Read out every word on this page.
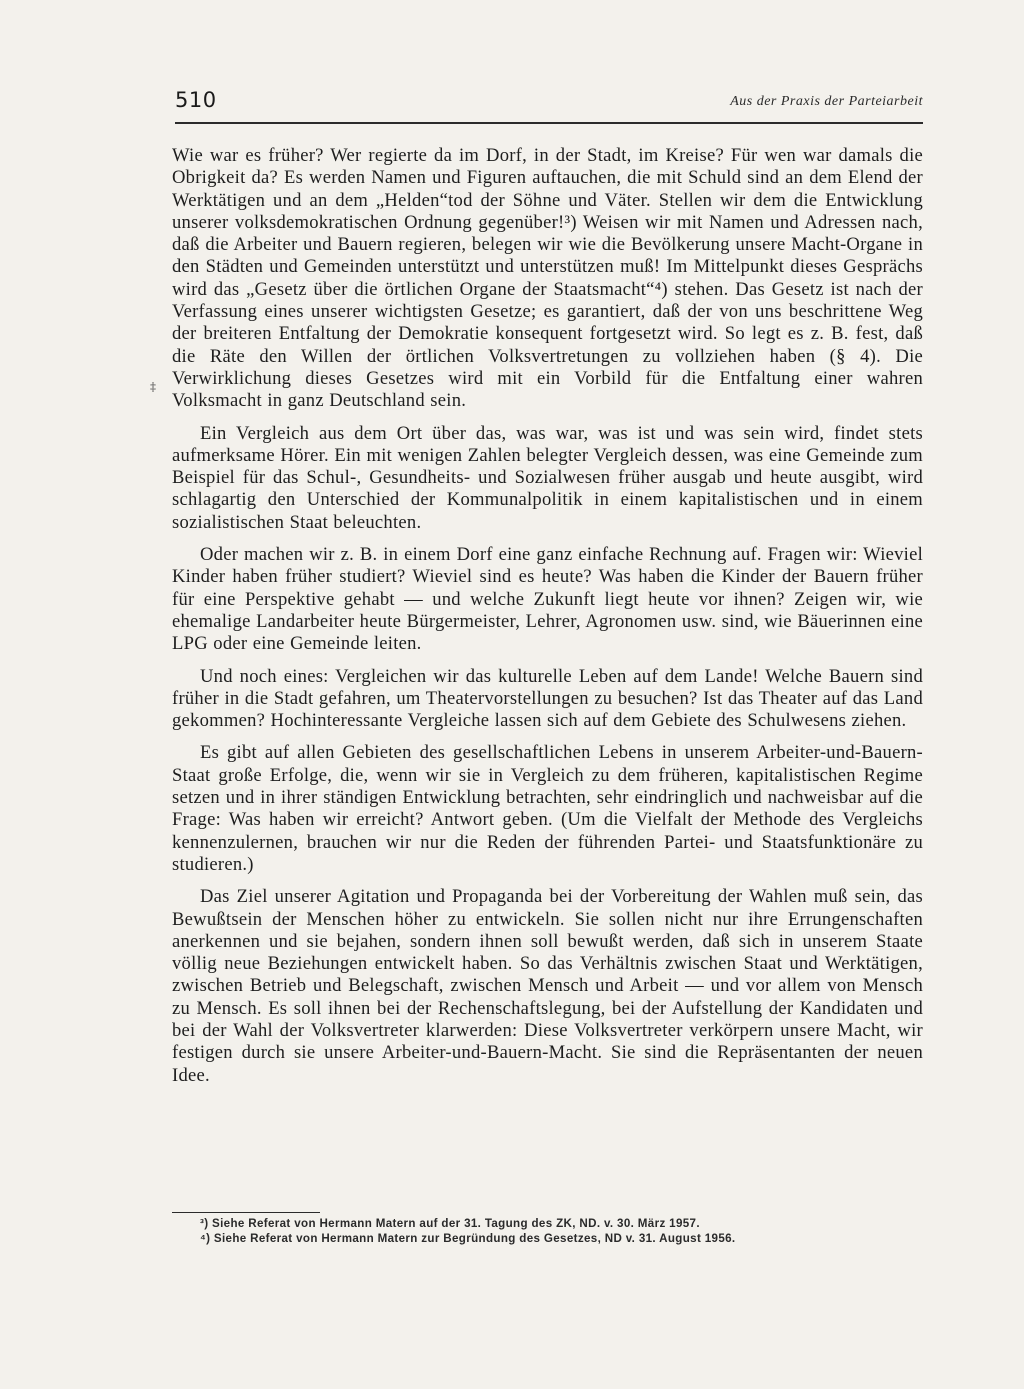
510	Aus der Praxis der Parteiarbeit
‡

Wie war es früher? Wer regierte da im Dorf, in der Stadt, im Kreise? Für wen war damals die Obrigkeit da? Es werden Namen und Figuren auftauchen, die mit Schuld sind an dem Elend der Werktätigen und an dem „Helden“tod der Söhne und Väter. Stellen wir dem die Entwicklung unserer volksdemokratischen Ordnung gegenüber!³) Weisen wir mit Namen und Adressen nach, daß die Arbeiter und Bauern regieren, belegen wir wie die Bevölkerung unsere Macht-Organe in den Städten und Gemeinden unterstützt und unterstützen muß! Im Mittelpunkt dieses Gesprächs wird das „Gesetz über die örtlichen Organe der Staatsmacht“⁴) stehen. Das Gesetz ist nach der Verfassung eines unserer wichtigsten Gesetze; es garantiert, daß der von uns beschrittene Weg der breiteren Entfaltung der Demokratie konsequent fortgesetzt wird. So legt es z. B. fest, daß die Räte den Willen der örtlichen Volksvertretungen zu vollziehen haben (§ 4). Die Verwirklichung dieses Gesetzes wird mit ein Vorbild für die Entfaltung einer wahren Volksmacht in ganz Deutschland sein.

Ein Vergleich aus dem Ort über das, was war, was ist und was sein wird, findet stets aufmerksame Hörer. Ein mit wenigen Zahlen belegter Vergleich dessen, was eine Gemeinde zum Beispiel für das Schul-, Gesundheits- und Sozialwesen früher ausgab und heute ausgibt, wird schlagartig den Unterschied der Kommunalpolitik in einem kapitalistischen und in einem sozialistischen Staat beleuchten.

Oder machen wir z. B. in einem Dorf eine ganz einfache Rechnung auf. Fragen wir: Wieviel Kinder haben früher studiert? Wieviel sind es heute? Was haben die Kinder der Bauern früher für eine Perspektive gehabt — und welche Zukunft liegt heute vor ihnen? Zeigen wir, wie ehemalige Landarbeiter heute Bürgermeister, Lehrer, Agronomen usw. sind, wie Bäuerinnen eine LPG oder eine Gemeinde leiten.

Und noch eines: Vergleichen wir das kulturelle Leben auf dem Lande! Welche Bauern sind früher in die Stadt gefahren, um Theatervorstellungen zu besuchen? Ist das Theater auf das Land gekommen? Hochinteressante Vergleiche lassen sich auf dem Gebiete des Schulwesens ziehen.

Es gibt auf allen Gebieten des gesellschaftlichen Lebens in unserem Arbeiter-und-Bauern-Staat große Erfolge, die, wenn wir sie in Vergleich zu dem früheren, kapitalistischen Regime setzen und in ihrer ständigen Entwicklung betrachten, sehr eindringlich und nachweisbar auf die Frage: Was haben wir erreicht? Antwort geben. (Um die Vielfalt der Methode des Vergleichs kennenzulernen, brauchen wir nur die Reden der führenden Partei- und Staatsfunktionäre zu studieren.)

Das Ziel unserer Agitation und Propaganda bei der Vorbereitung der Wahlen muß sein, das Bewußtsein der Menschen höher zu entwickeln. Sie sollen nicht nur ihre Errungenschaften anerkennen und sie bejahen, sondern ihnen soll bewußt werden, daß sich in unserem Staate völlig neue Beziehungen entwickelt haben. So das Verhältnis zwischen Staat und Werktätigen, zwischen Betrieb und Belegschaft, zwischen Mensch und Arbeit — und vor allem von Mensch zu Mensch. Es soll ihnen bei der Rechenschaftslegung, bei der Aufstellung der Kandidaten und bei der Wahl der Volksvertreter klarwerden: Diese Volksvertreter verkörpern unsere Macht, wir festigen durch sie unsere Arbeiter-und-Bauern-Macht. Sie sind die Repräsentanten der neuen Idee.

³) Siehe Referat von Hermann Matern auf der 31. Tagung des ZK, ND. v. 30. März 1957.
⁴) Siehe Referat von Hermann Matern zur Begründung des Gesetzes, ND v. 31. August 1956.
